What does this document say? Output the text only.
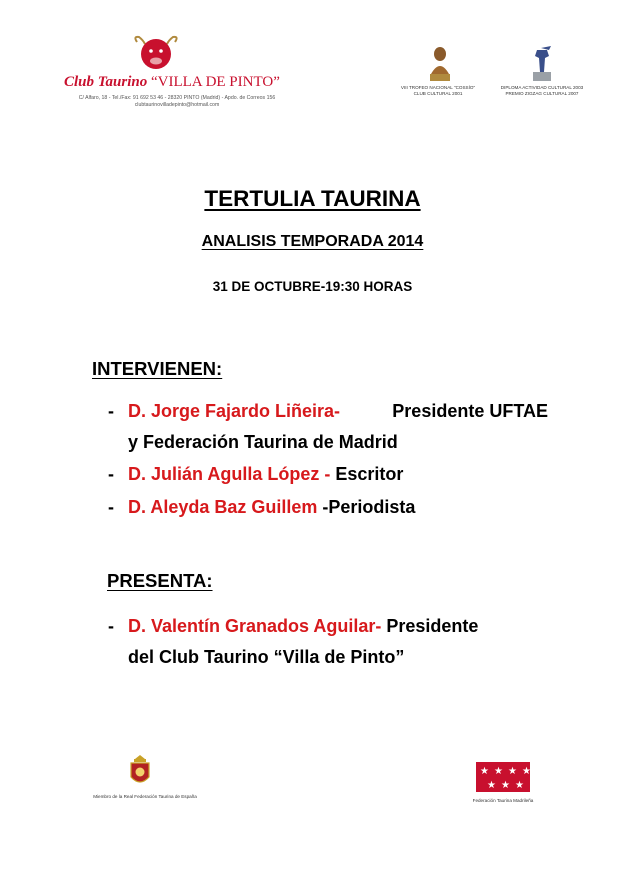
Club Taurino “VILLA DE PINTO”
C/ Alfaro, 18 - Tel./Fax: 91 692 53 46 - 28320 PINTO (Madrid) - Apdo. de Correos 156
clubtaurinovilladepinto@hotmail.com
VIII TROFEO NACIONAL "COSSÍO"
CLUB CULTURAL 2001
DIPLOMA ACTIVIDAD CULTURAL 2003
PREMIO ZIGZAG CULTURAL 2007
TERTULIA TAURINA
ANALISIS TEMPORADA 2014
31 DE OCTUBRE-19:30 HORAS
INTERVIENEN:
- D. Jorge Fajardo Liñeira-	Presidente UFTAE
y Federación Taurina de Madrid
- D. Julián Agulla López - Escritor
- D. Aleyda Baz Guillem -Periodista
PRESENTA:
- D. Valentín Granados Aguilar- Presidente
del Club Taurino “Villa de Pinto”
Miembro de la Real Federación Taurina de España
★ ★ ★ ★
★ ★ ★
Federación Taurina Madrileña
